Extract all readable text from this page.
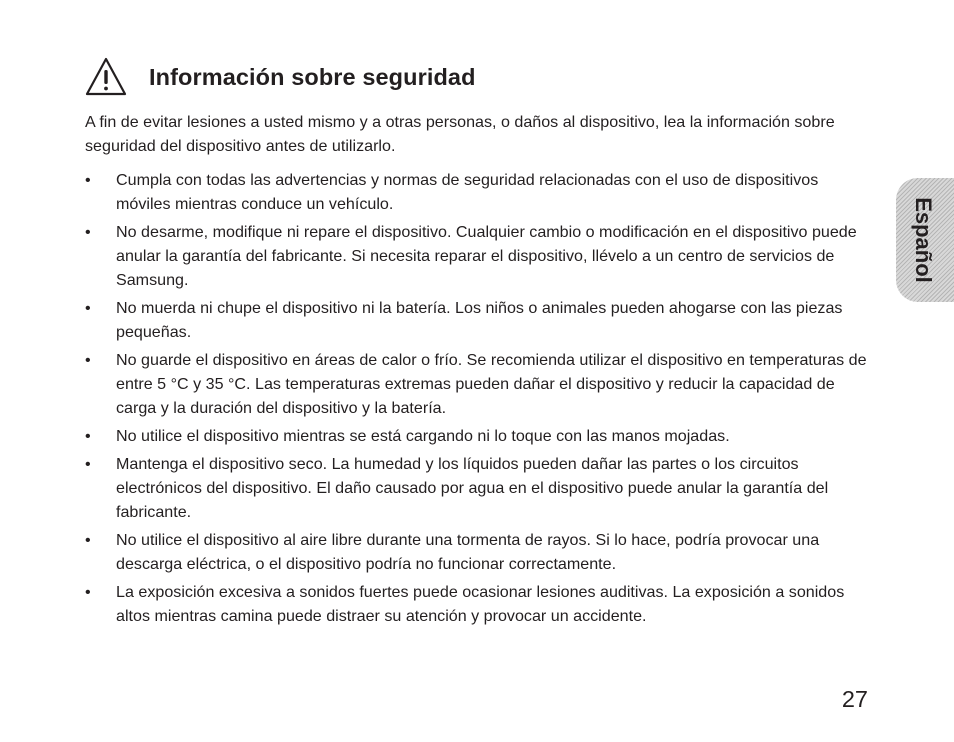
Información sobre seguridad

A fin de evitar lesiones a usted mismo y a otras personas, o daños al dispositivo, lea la información sobre seguridad del dispositivo antes de utilizarlo.

•	Cumpla con todas las advertencias y normas de seguridad relacionadas con el uso de dispositivos móviles mientras conduce un vehículo.
•	No desarme, modifique ni repare el dispositivo. Cualquier cambio o modificación en el dispositivo puede anular la garantía del fabricante. Si necesita reparar el dispositivo, llévelo a un centro de servicios de Samsung.
•	No muerda ni chupe el dispositivo ni la batería. Los niños o animales pueden ahogarse con las piezas pequeñas.
•	No guarde el dispositivo en áreas de calor o frío. Se recomienda utilizar el dispositivo en temperaturas de entre 5 °C y 35 °C. Las temperaturas extremas pueden dañar el dispositivo y reducir la capacidad de carga y la duración del dispositivo y la batería.
•	No utilice el dispositivo mientras se está cargando ni lo toque con las manos mojadas.
•	Mantenga el dispositivo seco. La humedad y los líquidos pueden dañar las partes o los circuitos electrónicos del dispositivo. El daño causado por agua en el dispositivo puede anular la garantía del fabricante.
•	No utilice el dispositivo al aire libre durante una tormenta de rayos. Si lo hace, podría provocar una descarga eléctrica, o el dispositivo podría no funcionar correctamente.
•	La exposición excesiva a sonidos fuertes puede ocasionar lesiones auditivas. La exposición a sonidos altos mientras camina puede distraer su atención y provocar un accidente.
Español
27
